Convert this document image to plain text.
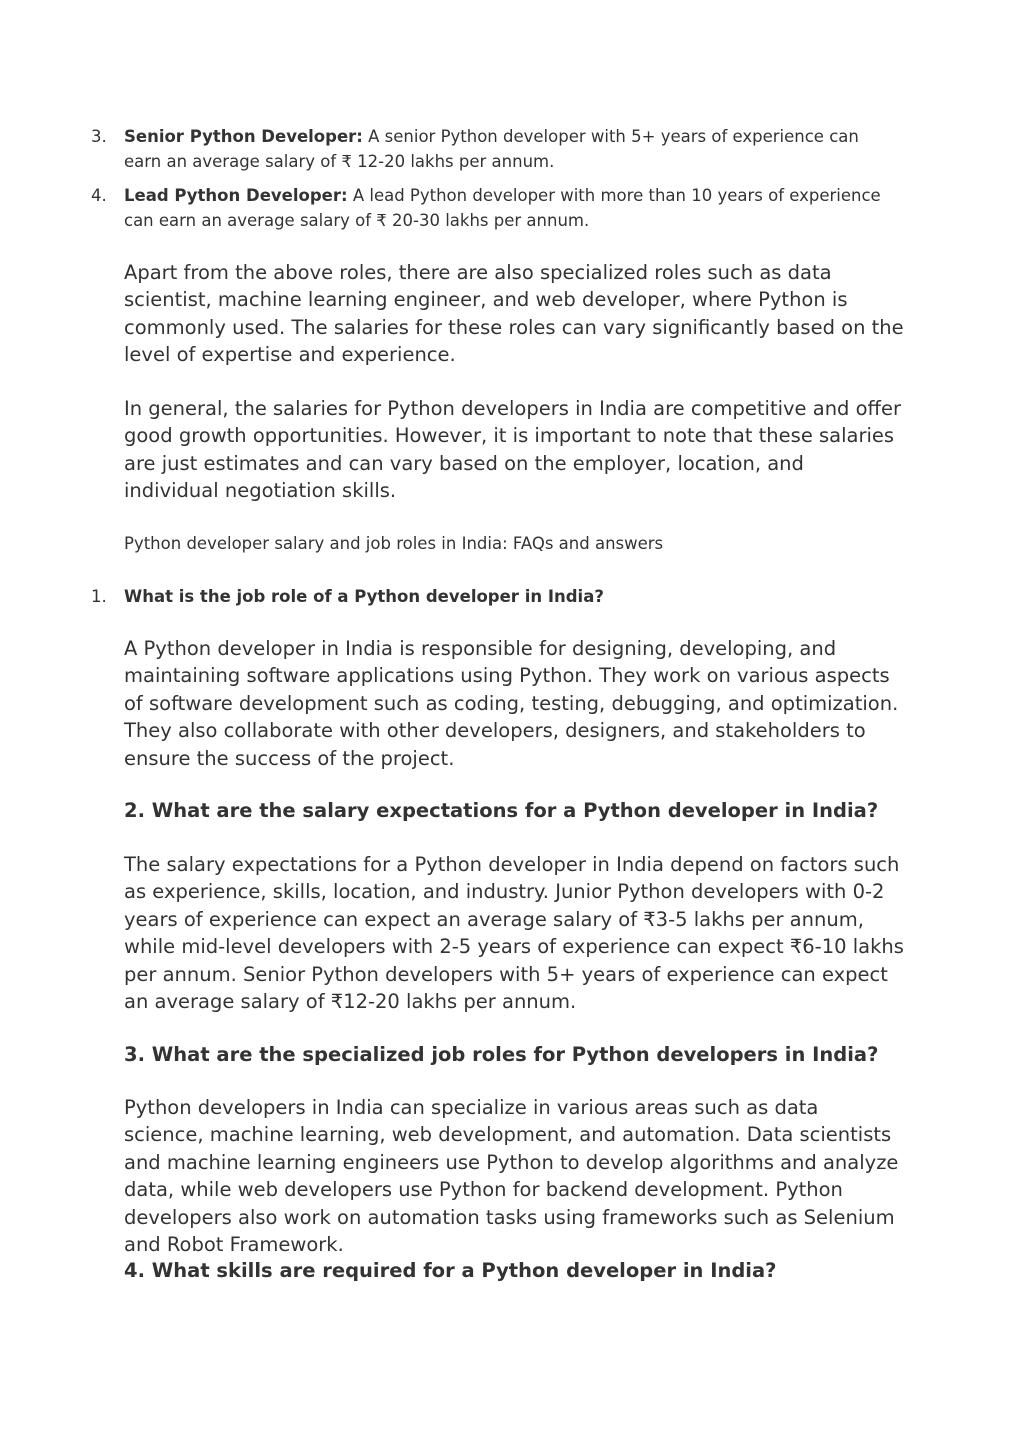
3. Senior Python Developer: A senior Python developer with 5+ years of experience can earn an average salary of ₹ 12-20 lakhs per annum.
4. Lead Python Developer: A lead Python developer with more than 10 years of experience can earn an average salary of ₹ 20-30 lakhs per annum.

Apart from the above roles, there are also specialized roles such as data scientist, machine learning engineer, and web developer, where Python is commonly used. The salaries for these roles can vary significantly based on the level of expertise and experience.

In general, the salaries for Python developers in India are competitive and offer good growth opportunities. However, it is important to note that these salaries are just estimates and can vary based on the employer, location, and individual negotiation skills.

Python developer salary and job roles in India: FAQs and answers

1. What is the job role of a Python developer in India?

A Python developer in India is responsible for designing, developing, and maintaining software applications using Python. They work on various aspects of software development such as coding, testing, debugging, and optimization. They also collaborate with other developers, designers, and stakeholders to ensure the success of the project.

2. What are the salary expectations for a Python developer in India?

The salary expectations for a Python developer in India depend on factors such as experience, skills, location, and industry. Junior Python developers with 0-2 years of experience can expect an average salary of ₹3-5 lakhs per annum, while mid-level developers with 2-5 years of experience can expect ₹6-10 lakhs per annum. Senior Python developers with 5+ years of experience can expect an average salary of ₹12-20 lakhs per annum.

3. What are the specialized job roles for Python developers in India?

Python developers in India can specialize in various areas such as data science, machine learning, web development, and automation. Data scientists and machine learning engineers use Python to develop algorithms and analyze data, while web developers use Python for backend development. Python developers also work on automation tasks using frameworks such as Selenium and Robot Framework.

4. What skills are required for a Python developer in India?
